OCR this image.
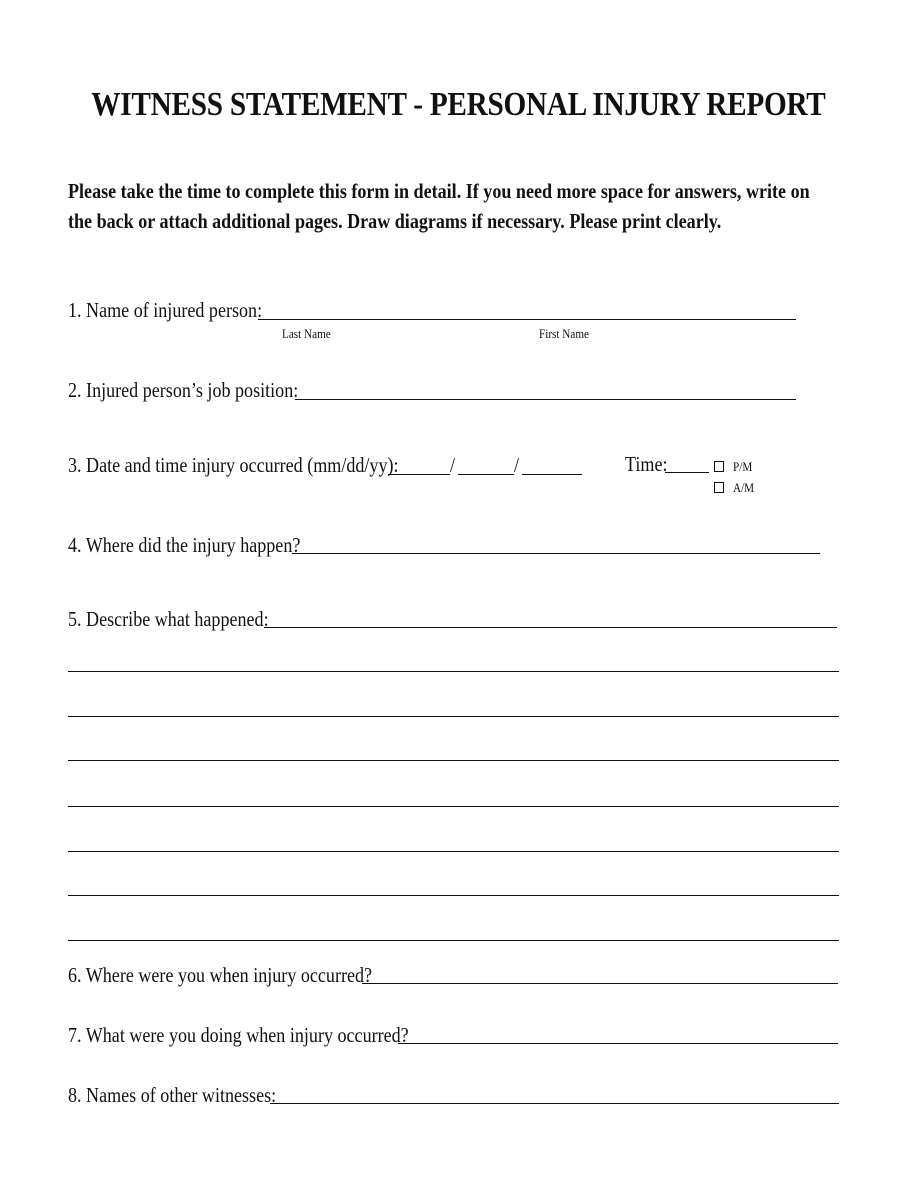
WITNESS STATEMENT - PERSONAL INJURY REPORT
Please take the time to complete this form in detail. If you need more space for answers, write on the back or attach additional pages. Draw diagrams if necessary. Please print clearly.
1. Name of injured person:
Last Name	First Name
2. Injured person’s job position:
3. Date and time injury occurred (mm/dd/yy): /	/	Time:	P/M
A/M
4. Where did the injury happen?
5. Describe what happened:
6. Where were you when injury occurred?
7. What were you doing when injury occurred?
8. Names of other witnesses:
